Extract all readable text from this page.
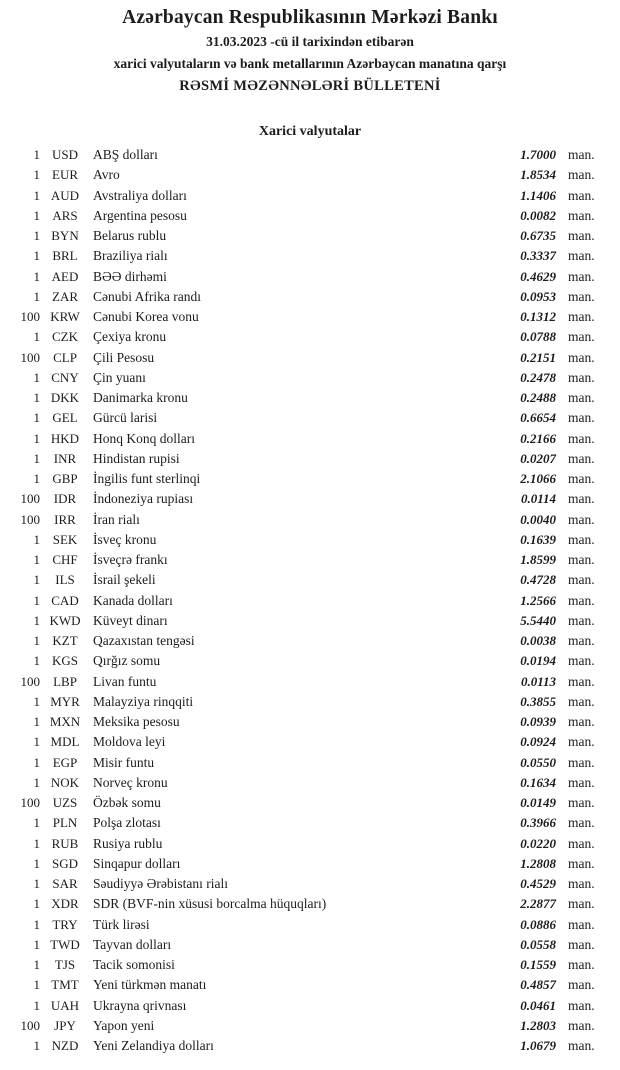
Azərbaycan Respublikasının Mərkəzi Bankı
31.03.2023 -cü il tarixindən etibarən
xarici valyutaların və bank metallarının Azərbaycan manatına qarşı
RƏSMİ MƏZƏNNƏLƏRİ BÜLLETENİ
Xarici valyutalar
1 USD	ABŞ dolları	1.7000 man.
1 EUR	Avro	1.8534 man.
1 AUD	Avstraliya dolları	1.1406 man.
1 ARS	Argentina pesosu	0.0082 man.
1 BYN	Belarus rublu	0.6735 man.
1 BRL	Braziliya rialı	0.3337 man.
1 AED	BƏƏ dirhəmi	0.4629 man.
1 ZAR	Cənubi Afrika randı	0.0953 man.
100 KRW Cənubi Korea vonu	0.1312 man.
1 CZK	Çexiya kronu	0.0788 man.
100	CLP	Çili Pesosu	0.2151 man.
1 CNY	Çin yuanı	0.2478 man.
1 DKK	Danimarka kronu	0.2488 man.
1 GEL	Gürcü larisi	0.6654 man.
1 HKD	Honq Konq dolları	0.2166 man.
1	INR	Hindistan rupisi	0.0207 man.
1 GBP	İngilis funt sterlinqi	2.1066 man.
100	IDR	İndoneziya rupiası	0.0114 man.
100	IRR	İran rialı	0.0040 man.
1 SEK	İsveç kronu	0.1639 man.
1 CHF	İsveçrə frankı	1.8599 man.
1	ILS	İsrail şekeli	0.4728 man.
1 CAD	Kanada dolları	1.2566 man.
1 KWD Küveyt dinarı	5.5440 man.
1 KZT	Qazaxıstan tengəsi	0.0038 man.
1 KGS	Qırğız somu	0.0194 man.
100	LBP	Livan funtu	0.0113 man.
1 MYR Malayziya rinqqiti	0.3855 man.
1 MXN Meksika pesosu	0.0939 man.
1 MDL	Moldova leyi	0.0924 man.
1 EGP	Misir funtu	0.0550 man.
1 NOK	Norveç kronu	0.1634 man.
100 UZS	Özbək somu	0.0149 man.
1 PLN	Polşa zlotası	0.3966 man.
1 RUB	Rusiya rublu	0.0220 man.
1 SGD	Sinqapur dolları	1.2808 man.
1 SAR	Səudiyyə Ərəbistanı rialı	0.4529 man.
1 XDR	SDR (BVF-nin xüsusi borcalma hüquqları)	2.2877 man.
1 TRY	Türk lirəsi	0.0886 man.
1 TWD Tayvan dolları	0.0558 man.
1	TJS	Tacik somonisi	0.1559 man.
1 TMT	Yeni türkmən manatı	0.4857 man.
1 UAH	Ukrayna qrivnası	0.0461 man.
100	JPY	Yapon yeni	1.2803 man.
1 NZD	Yeni Zelandiya dolları	1.0679 man.
